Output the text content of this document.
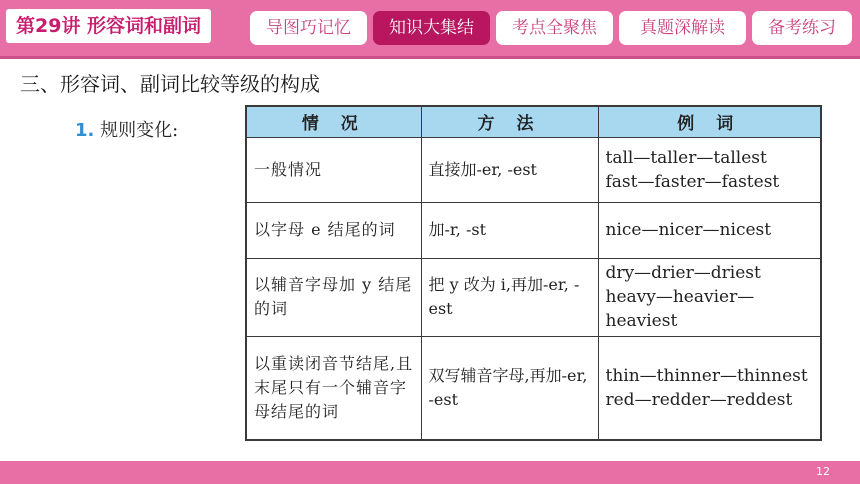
第29讲 形容词和副词	导图巧记忆	知识大集结	考点全聚焦	真题深解读	备考练习
三、形容词、副词比较等级的构成
1. 规则变化:	情 况	方 法	例 词
一般情况	直接加-er, -est	tall—taller—tallest
fast—faster—fastest

以字母 e 结尾的词	加-r, -st	nice—nicer—nicest

以辅音字母加 y 结尾的词	把 y 改为 i,再加-er, -est	dry—drier—driest
heavy—heavier—heaviest

以重读闭音节结尾,且末尾只有一个辅音字母结尾的词	双写辅音字母,再加-er, -est	thin—thinner—thinnest
red—redder—reddest
12
